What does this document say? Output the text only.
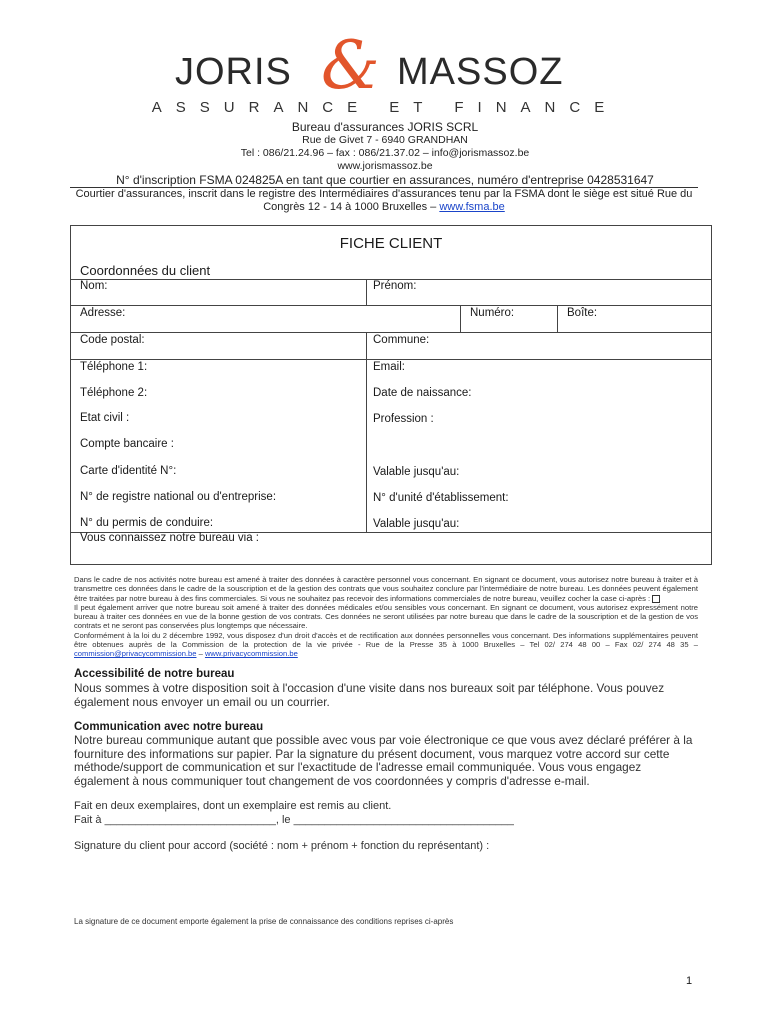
JORIS & MASSOZ
ASSURANCE ET FINANCE
Bureau d'assurances JORIS SCRL
Rue de Givet 7 - 6940 GRANDHAN
Tel : 086/21.24.96 – fax : 086/21.37.02 – info@jorismassoz.be
www.jorismassoz.be
N° d'inscription FSMA 024825A en tant que courtier en assurances, numéro d'entreprise 0428531647
Courtier d'assurances, inscrit dans le registre des Intermédiaires d'assurances tenu par la FSMA dont le siège est situé Rue du Congrès 12 - 14 à 1000 Bruxelles – www.fsma.be
FICHE CLIENT
Coordonnées du client
Nom:	Prénom:
Adresse:	Numéro:	Boîte:
Code postal:	Commune:
Téléphone 1:	Email:
Téléphone 2:	Date de naissance:
Etat civil :	Profession :
Compte bancaire :
Carte d'identité N°:	Valable jusqu'au:
N° de registre national ou d'entreprise:	N° d'unité d'établissement:
N° du permis de conduire:	Valable jusqu'au:
Vous connaissez notre bureau via :
Dans le cadre de nos activités notre bureau est amené à traiter des données à caractère personnel vous concernant. En signant ce document, vous autorisez notre bureau à traiter et à transmettre ces données dans le cadre de la souscription et de la gestion des contrats que vous souhaitez conclure par l'intermédiaire de notre bureau. Les données peuvent également être traitées par notre bureau à des fins commerciales. Si vous ne souhaitez pas recevoir des informations commerciales de notre bureau, veuillez cocher la case ci-après :
Il peut également arriver que notre bureau soit amené à traiter des données médicales et/ou sensibles vous concernant. En signant ce document, vous autorisez expressément notre bureau à traiter ces données en vue de la bonne gestion de vos contrats. Ces données ne seront utilisées par notre bureau que dans le cadre de la souscription et de la gestion de vos contrats et ne seront pas conservées plus longtemps que nécessaire.
Conformément à la loi du 2 décembre 1992, vous disposez d'un droit d'accès et de rectification aux données personnelles vous concernant. Des informations supplémentaires peuvent être obtenues auprès de la Commission de la protection de la vie privée - Rue de la Presse 35 à 1000 Bruxelles – Tel 02/ 274 48 00 – Fax 02/ 274 48 35 – commission@privacycommission.be – www.privacycommission.be
Accessibilité de notre bureau
Nous sommes à votre disposition soit à l'occasion d'une visite dans nos bureaux soit par téléphone. Vous pouvez également nous envoyer un email ou un courrier.
Communication avec notre bureau
Notre bureau communique autant que possible avec vous par voie électronique ce que vous avez déclaré préférer à la fourniture des informations sur papier. Par la signature du présent document, vous marquez votre accord sur cette méthode/support de communication et sur l'exactitude de l'adresse email communiquée. Vous vous engagez également à nous communiquer tout changement de vos coordonnées y compris d'adresse e-mail.
Fait en deux exemplaires, dont un exemplaire est remis au client.
Fait à ____________________________, le ____________________________________
Signature du client pour accord (société : nom + prénom + fonction du représentant) :
La signature de ce document emporte également la prise de connaissance des conditions reprises ci-après
1
